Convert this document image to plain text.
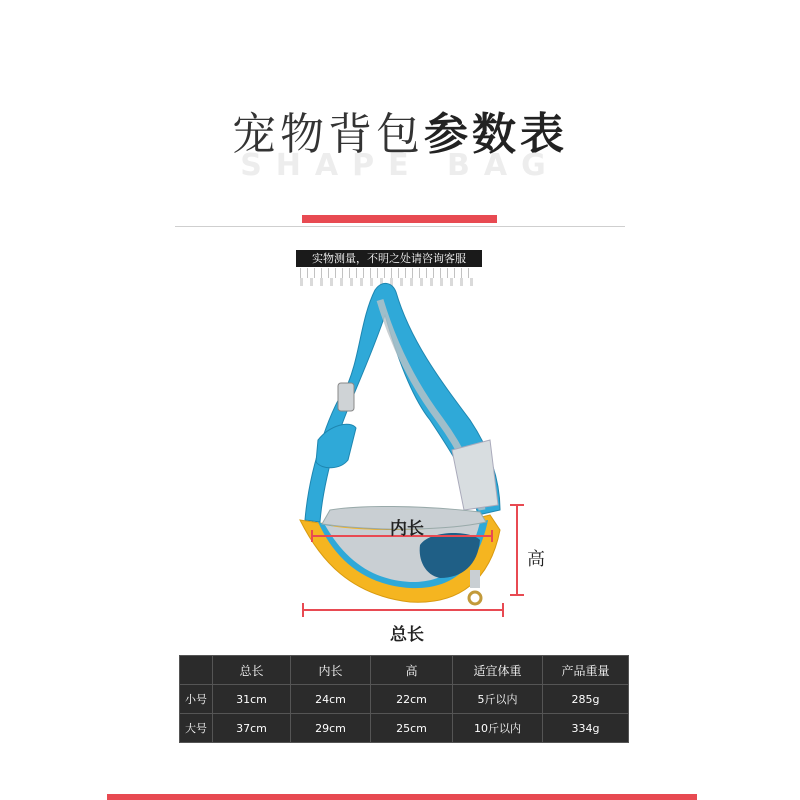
宠物背包参数表
SHAPE BAG
实物测量，不明之处请咨询客服
内长
高
总长
	总长	内长	高	适宜体重	产品重量
小号	31cm	24cm	22cm	5斤以内	285g
大号	37cm	29cm	25cm	10斤以内	334g
